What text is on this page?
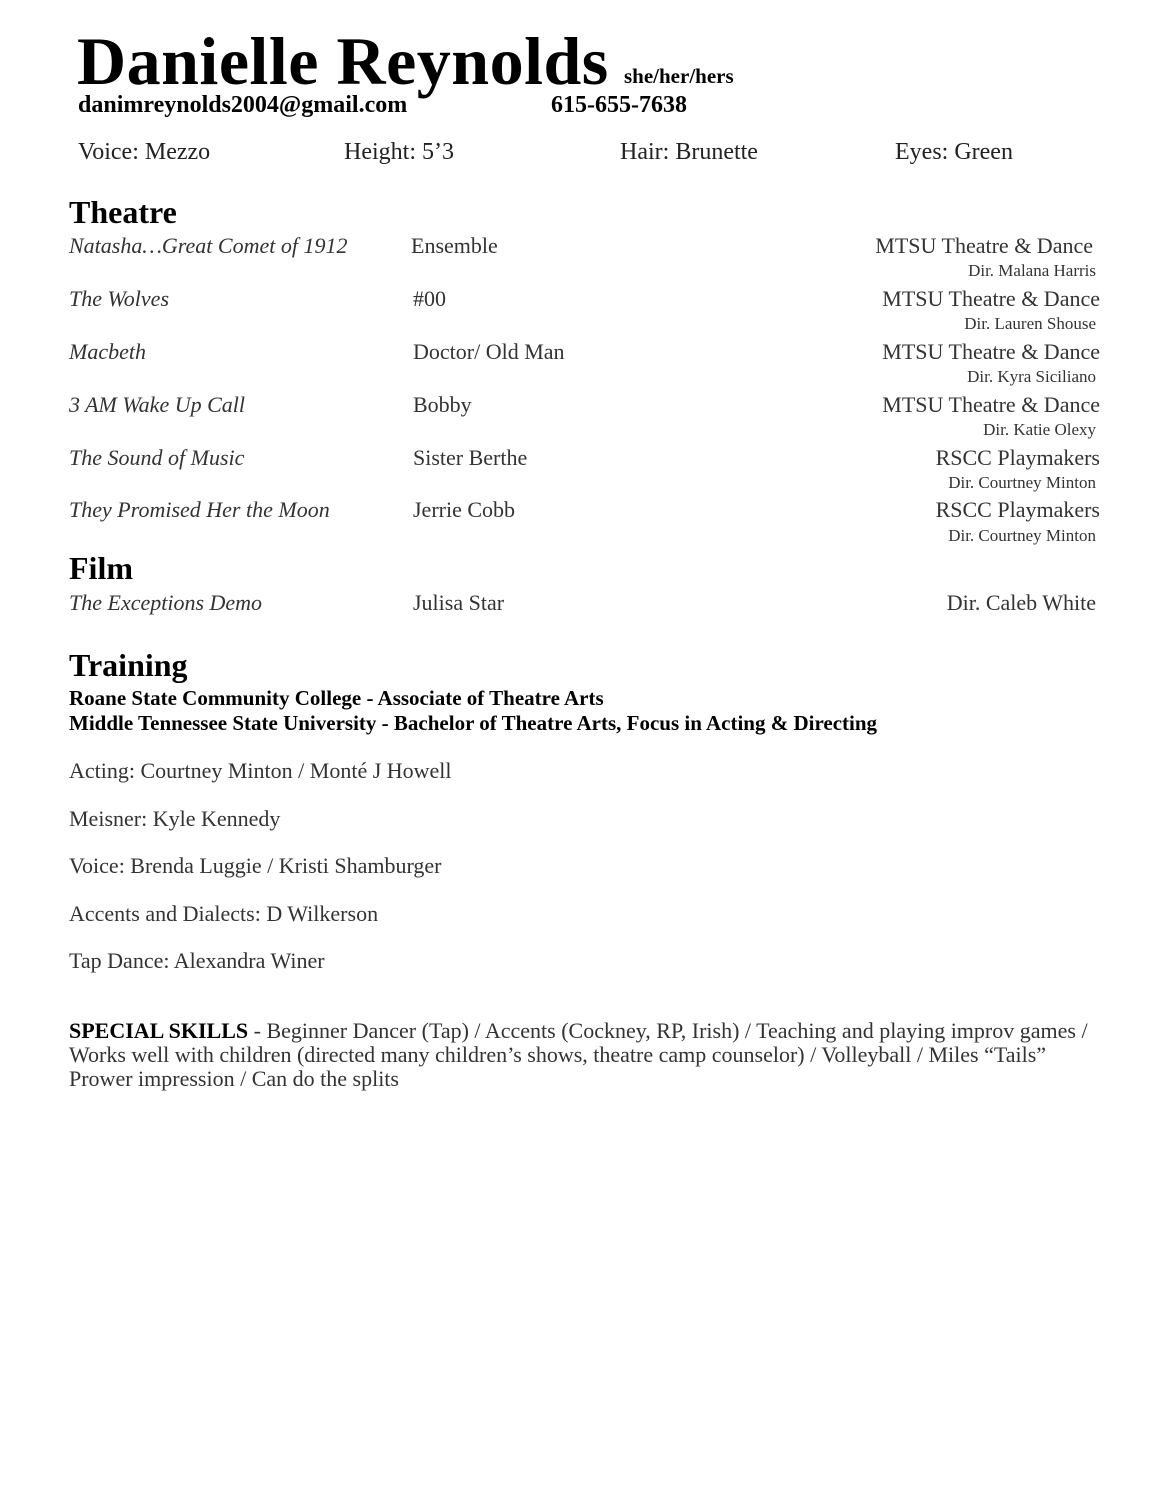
Danielle Reynolds she/her/hers
danimreynolds2004@gmail.com	615-655-7638
Voice: Mezzo	Height: 5’3	Hair: Brunette	Eyes: Green
Theatre
Natasha…Great Comet of 1912	Ensemble	MTSU Theatre & Dance
Dir. Malana Harris
The Wolves	#00	MTSU Theatre & Dance
Dir. Lauren Shouse
Macbeth	Doctor/ Old Man	MTSU Theatre & Dance
Dir. Kyra Siciliano
3 AM Wake Up Call	Bobby	MTSU Theatre & Dance
Dir. Katie Olexy
The Sound of Music	Sister Berthe	RSCC Playmakers
Dir. Courtney Minton
They Promised Her the Moon	Jerrie Cobb	RSCC Playmakers
Dir. Courtney Minton
Film
The Exceptions Demo	Julisa Star	Dir. Caleb White
Training
Roane State Community College - Associate of Theatre Arts
Middle Tennessee State University - Bachelor of Theatre Arts, Focus in Acting & Directing
Acting: Courtney Minton / Monté J Howell
Meisner: Kyle Kennedy
Voice: Brenda Luggie / Kristi Shamburger
Accents and Dialects: D Wilkerson
Tap Dance: Alexandra Winer
SPECIAL SKILLS - Beginner Dancer (Tap) / Accents (Cockney, RP, Irish) / Teaching and playing improv games / Works well with children (directed many children’s shows, theatre camp counselor) / Volleyball / Miles “Tails” Prower impression / Can do the splits
